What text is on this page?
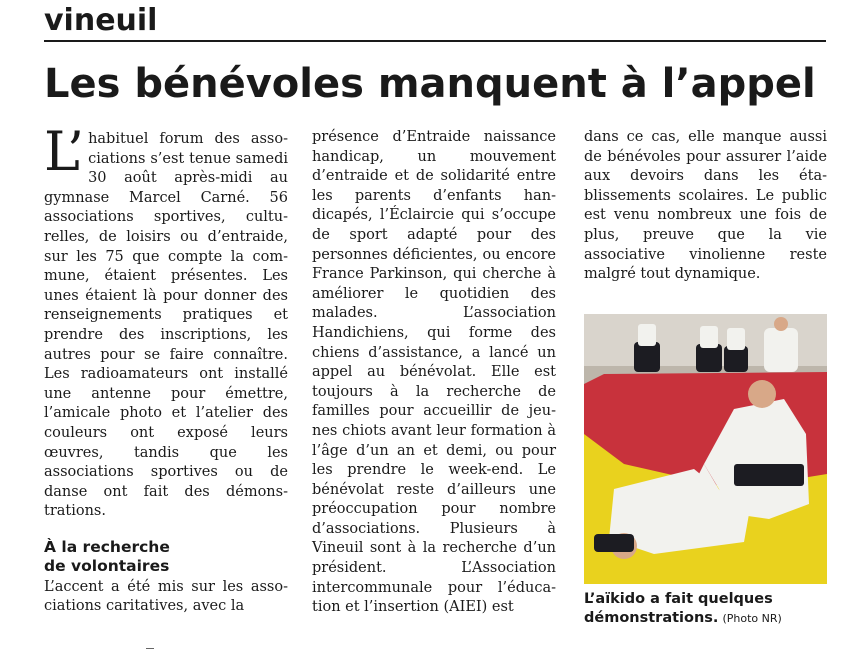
vineuil
Les bénévoles manquent à l’appel

L’ habituel forum des associations s’est tenue samedi 30 août après-midi au gymnase Marcel Carné. 56 associations sportives, culturelles, de loisirs ou d’entraide, sur les 75 que compte la commune, étaient présentes. Les unes étaient là pour donner des renseignements pratiques et prendre des inscriptions, les autres pour se faire connaître. Les radioamateurs ont installé une antenne pour émettre, l’amicale photo et l’atelier des couleurs ont exposé leurs œuvres, tandis que les associations sportives ou de danse ont fait des démonstrations.

À la recherche
de volontaires

L’accent a été mis sur les associations caritatives, avec la

présence d’Entraide naissance handicap, un mouvement d’entraide et de solidarité entre les parents d’enfants handicapés, l’Éclaircie qui s’occupe de sport adapté pour des personnes déficientes, ou encore France Parkinson, qui cherche à améliorer le quotidien des malades. L’association Handichiens, qui forme des chiens d’assistance, a lancé un appel au bénévolat. Elle est toujours à la recherche de familles pour accueillir de jeunes chiots avant leur formation à l’âge d’un an et demi, ou pour les prendre le week-end. Le bénévolat reste d’ailleurs une préoccupation pour nombre d’associations. Plusieurs à Vineuil sont à la recherche d’un président. L’Association intercommunale pour l’éducation et l’insertion (AIEI) est

dans ce cas, elle manque aussi de bénévoles pour assurer l’aide aux devoirs dans les établissements scolaires. Le public est venu nombreux une fois de plus, preuve que la vie associative vinolienne reste malgré tout dynamique.

L’aïkido a fait quelques
démonstrations. (Photo NR)
